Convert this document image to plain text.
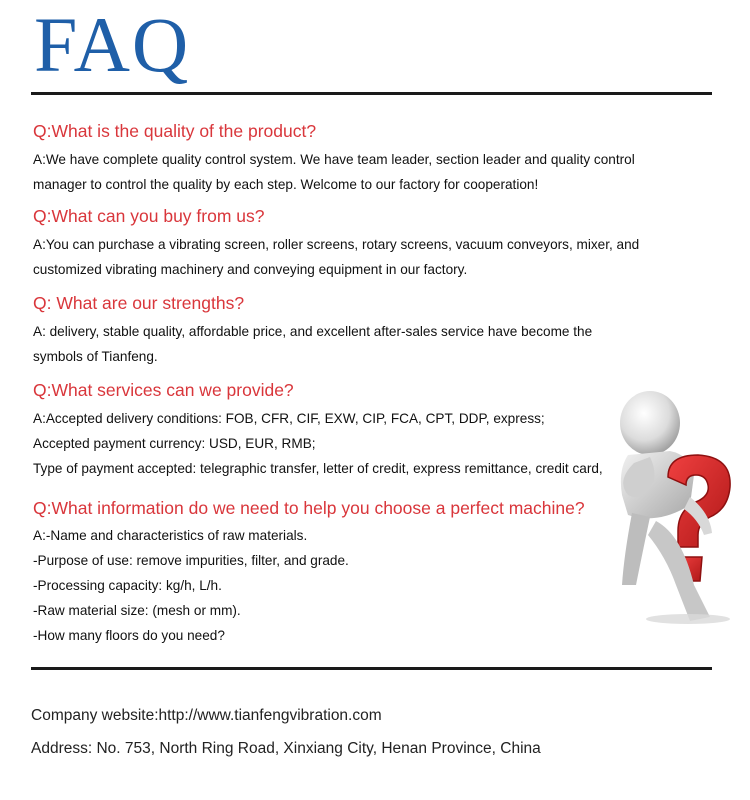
FAQ
Q:What is the quality of the product?
A:We have complete quality control system. We have team leader, section leader and quality control
manager to control the quality by each step. Welcome to our factory for cooperation!
Q:What can you buy from us?
A:You can purchase a vibrating screen, roller screens, rotary screens, vacuum conveyors, mixer, and
customized vibrating machinery and conveying equipment in our factory.
Q: What are our strengths?
A: delivery, stable quality, affordable price, and excellent after-sales service have become the
symbols of Tianfeng.
Q:What services can we provide?
A:Accepted delivery conditions: FOB, CFR, CIF, EXW, CIP, FCA, CPT, DDP, express;
Accepted payment currency: USD, EUR, RMB;
Type of payment accepted: telegraphic transfer, letter of credit, express remittance, credit card,
Q:What information do we need to help you choose a perfect machine?
A:-Name and characteristics of raw materials.
-Purpose of use: remove impurities, filter, and grade.
-Processing capacity: kg/h, L/h.
-Raw material size: (mesh or mm).
-How many floors do you need?
Company website:http://www.tianfengvibration.com
Address: No. 753, North Ring Road, Xinxiang City, Henan Province, China
